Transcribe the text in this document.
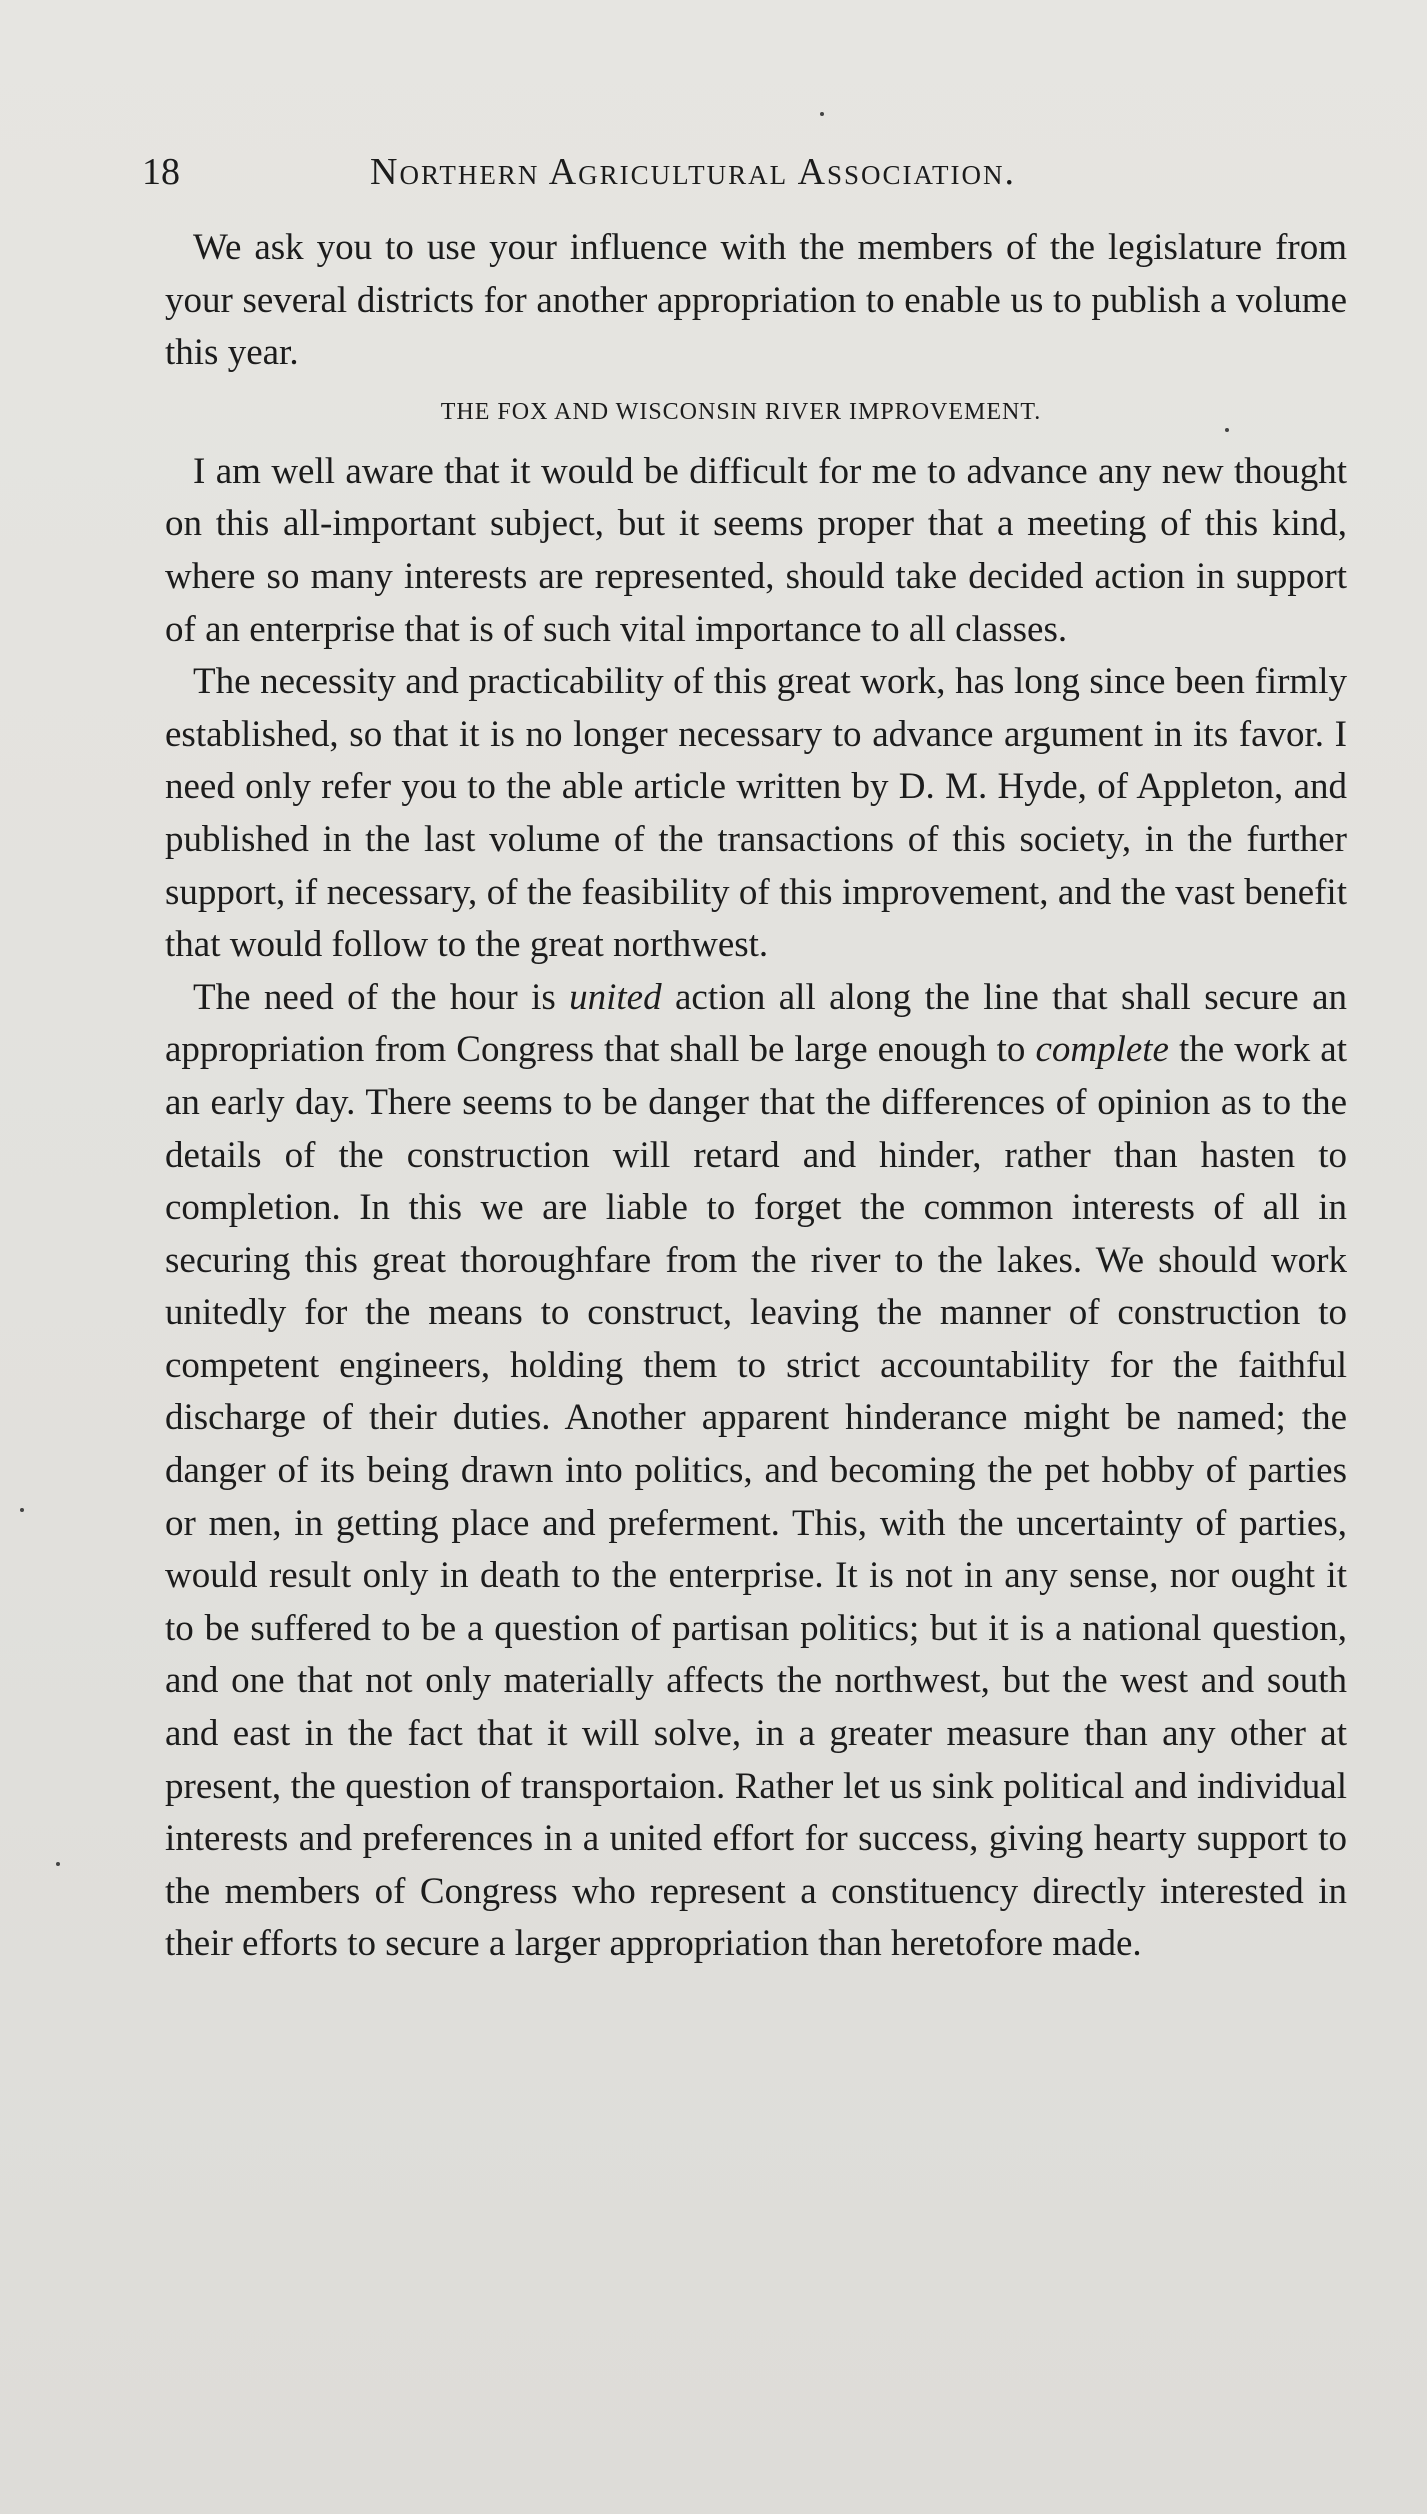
18	Northern Agricultural Association.

We ask you to use your influence with the members of the legislature from your several districts for another appropriation to enable us to publish a volume this year.

THE FOX AND WISCONSIN RIVER IMPROVEMENT.

I am well aware that it would be difficult for me to advance any new thought on this all-important subject, but it seems proper that a meeting of this kind, where so many interests are represented, should take decided action in support of an enterprise that is of such vital importance to all classes.

The necessity and practicability of this great work, has long since been firmly established, so that it is no longer necessary to advance argument in its favor. I need only refer you to the able article written by D. M. Hyde, of Appleton, and published in the last volume of the transactions of this society, in the further support, if necessary, of the feasibility of this improvement, and the vast benefit that would follow to the great northwest.

The need of the hour is united action all along the line that shall secure an appropriation from Congress that shall be large enough to complete the work at an early day. There seems to be danger that the differences of opinion as to the details of the construction will retard and hinder, rather than hasten to completion. In this we are liable to forget the common interests of all in securing this great thoroughfare from the river to the lakes. We should work unitedly for the means to construct, leaving the manner of construction to competent engineers, holding them to strict accountability for the faithful discharge of their duties. Another apparent hinderance might be named; the danger of its being drawn into politics, and becoming the pet hobby of parties or men, in getting place and preferment. This, with the uncertainty of parties, would result only in death to the enterprise. It is not in any sense, nor ought it to be suffered to be a question of partisan politics; but it is a national question, and one that not only materially affects the northwest, but the west and south and east in the fact that it will solve, in a greater measure than any other at present, the question of transportaion. Rather let us sink political and individual interests and preferences in a united effort for success, giving hearty support to the members of Congress who represent a constituency directly interested in their efforts to secure a larger appropriation than heretofore made.
